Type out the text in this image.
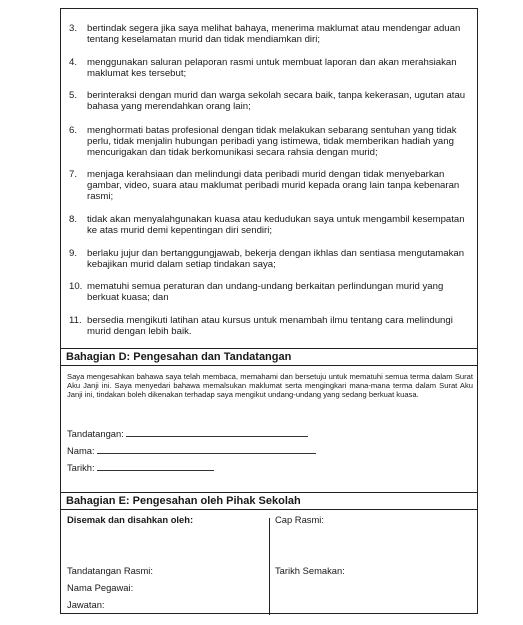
3. bertindak segera jika saya melihat bahaya, menerima maklumat atau mendengar aduan tentang keselamatan murid dan tidak mendiamkan diri;
4. menggunakan saluran pelaporan rasmi untuk membuat laporan dan akan merahsiakan maklumat kes tersebut;
5. berinteraksi dengan murid dan warga sekolah secara baik, tanpa kekerasan, ugutan atau bahasa yang merendahkan orang lain;
6. menghormati batas profesional dengan tidak melakukan sebarang sentuhan yang tidak perlu, tidak menjalin hubungan peribadi yang istimewa, tidak memberikan hadiah yang mencurigakan dan tidak berkomunikasi secara rahsia dengan murid;
7. menjaga kerahsiaan dan melindungi data peribadi murid dengan tidak menyebarkan gambar, video, suara atau maklumat peribadi murid kepada orang lain tanpa kebenaran rasmi;
8. tidak akan menyalahgunakan kuasa atau kedudukan saya untuk mengambil kesempatan ke atas murid demi kepentingan diri sendiri;
9. berlaku jujur dan bertanggungjawab, bekerja dengan ikhlas dan sentiasa mengutamakan kebajikan murid dalam setiap tindakan saya;
10. mematuhi semua peraturan dan undang-undang berkaitan perlindungan murid yang berkuat kuasa; dan
11. bersedia mengikuti latihan atau kursus untuk menambah ilmu tentang cara melindungi murid dengan lebih baik.
Bahagian D: Pengesahan dan Tandatangan
Saya mengesahkan bahawa saya telah membaca, memahami dan bersetuju untuk mematuhi semua terma dalam Surat Aku Janji ini. Saya menyedari bahawa memalsukan maklumat serta mengingkari mana-mana terma dalam Surat Aku Janji ini, tindakan boleh dikenakan terhadap saya mengikut undang-undang yang sedang berkuat kuasa.
Tandatangan:
Nama:
Tarikh:
Bahagian E: Pengesahan oleh Pihak Sekolah
Disemak dan disahkan oleh:	Cap Rasmi:
Tandatangan Rasmi:	Tarikh Semakan:
Nama Pegawai:
Jawatan:
